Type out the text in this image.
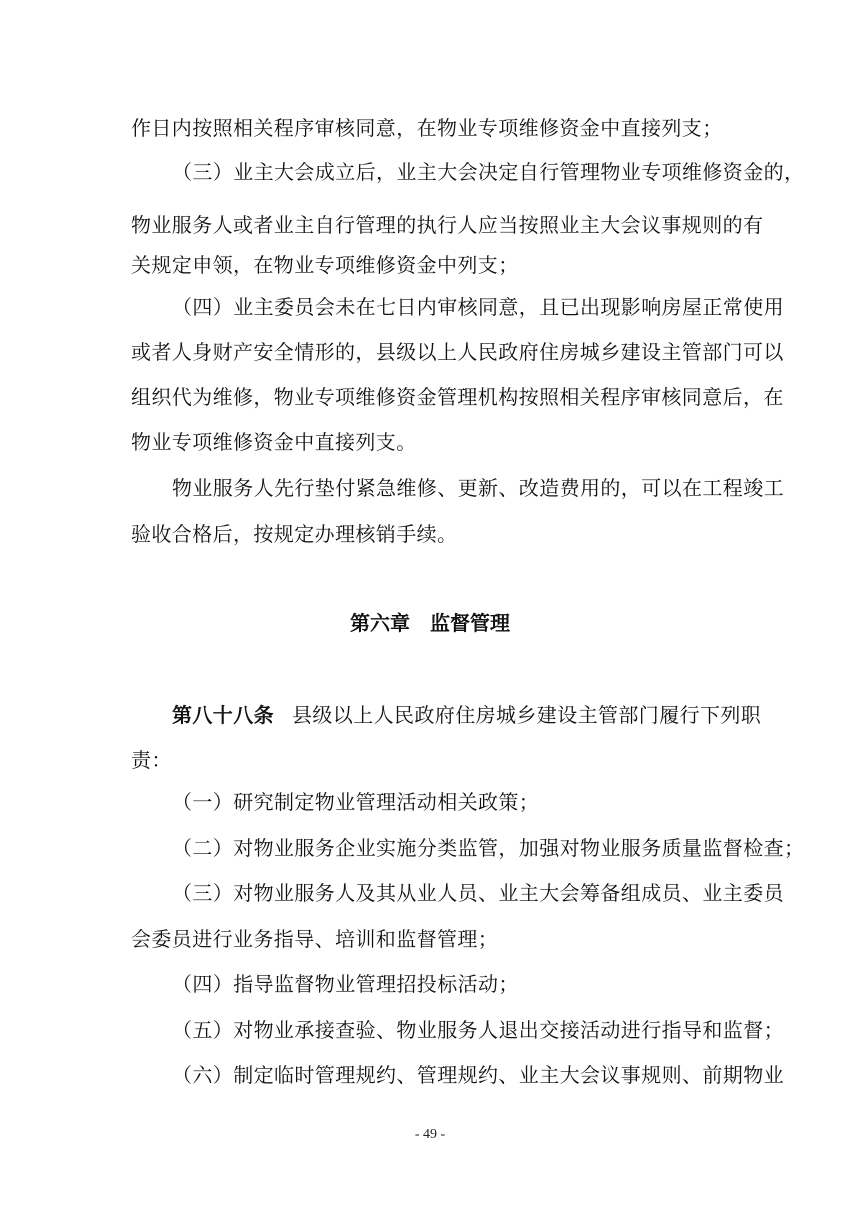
作日内按照相关程序审核同意，在物业专项维修资金中直接列支；
（三）业主大会成立后，业主大会决定自行管理物业专项维修资金的，
物业服务人或者业主自行管理的执行人应当按照业主大会议事规则的有
关规定申领，在物业专项维修资金中列支；
（四）业主委员会未在七日内审核同意，且已出现影响房屋正常使用
或者人身财产安全情形的，县级以上人民政府住房城乡建设主管部门可以
组织代为维修，物业专项维修资金管理机构按照相关程序审核同意后，在
物业专项维修资金中直接列支。
物业服务人先行垫付紧急维修、更新、改造费用的，可以在工程竣工
验收合格后，按规定办理核销手续。
第六章　监督管理
第八十八条 县级以上人民政府住房城乡建设主管部门履行下列职
责：
（一）研究制定物业管理活动相关政策；
（二）对物业服务企业实施分类监管，加强对物业服务质量监督检查；
（三）对物业服务人及其从业人员、业主大会筹备组成员、业主委员
会委员进行业务指导、培训和监督管理；
（四）指导监督物业管理招投标活动；
（五）对物业承接查验、物业服务人退出交接活动进行指导和监督；
（六）制定临时管理规约、管理规约、业主大会议事规则、前期物业
- 49 -
